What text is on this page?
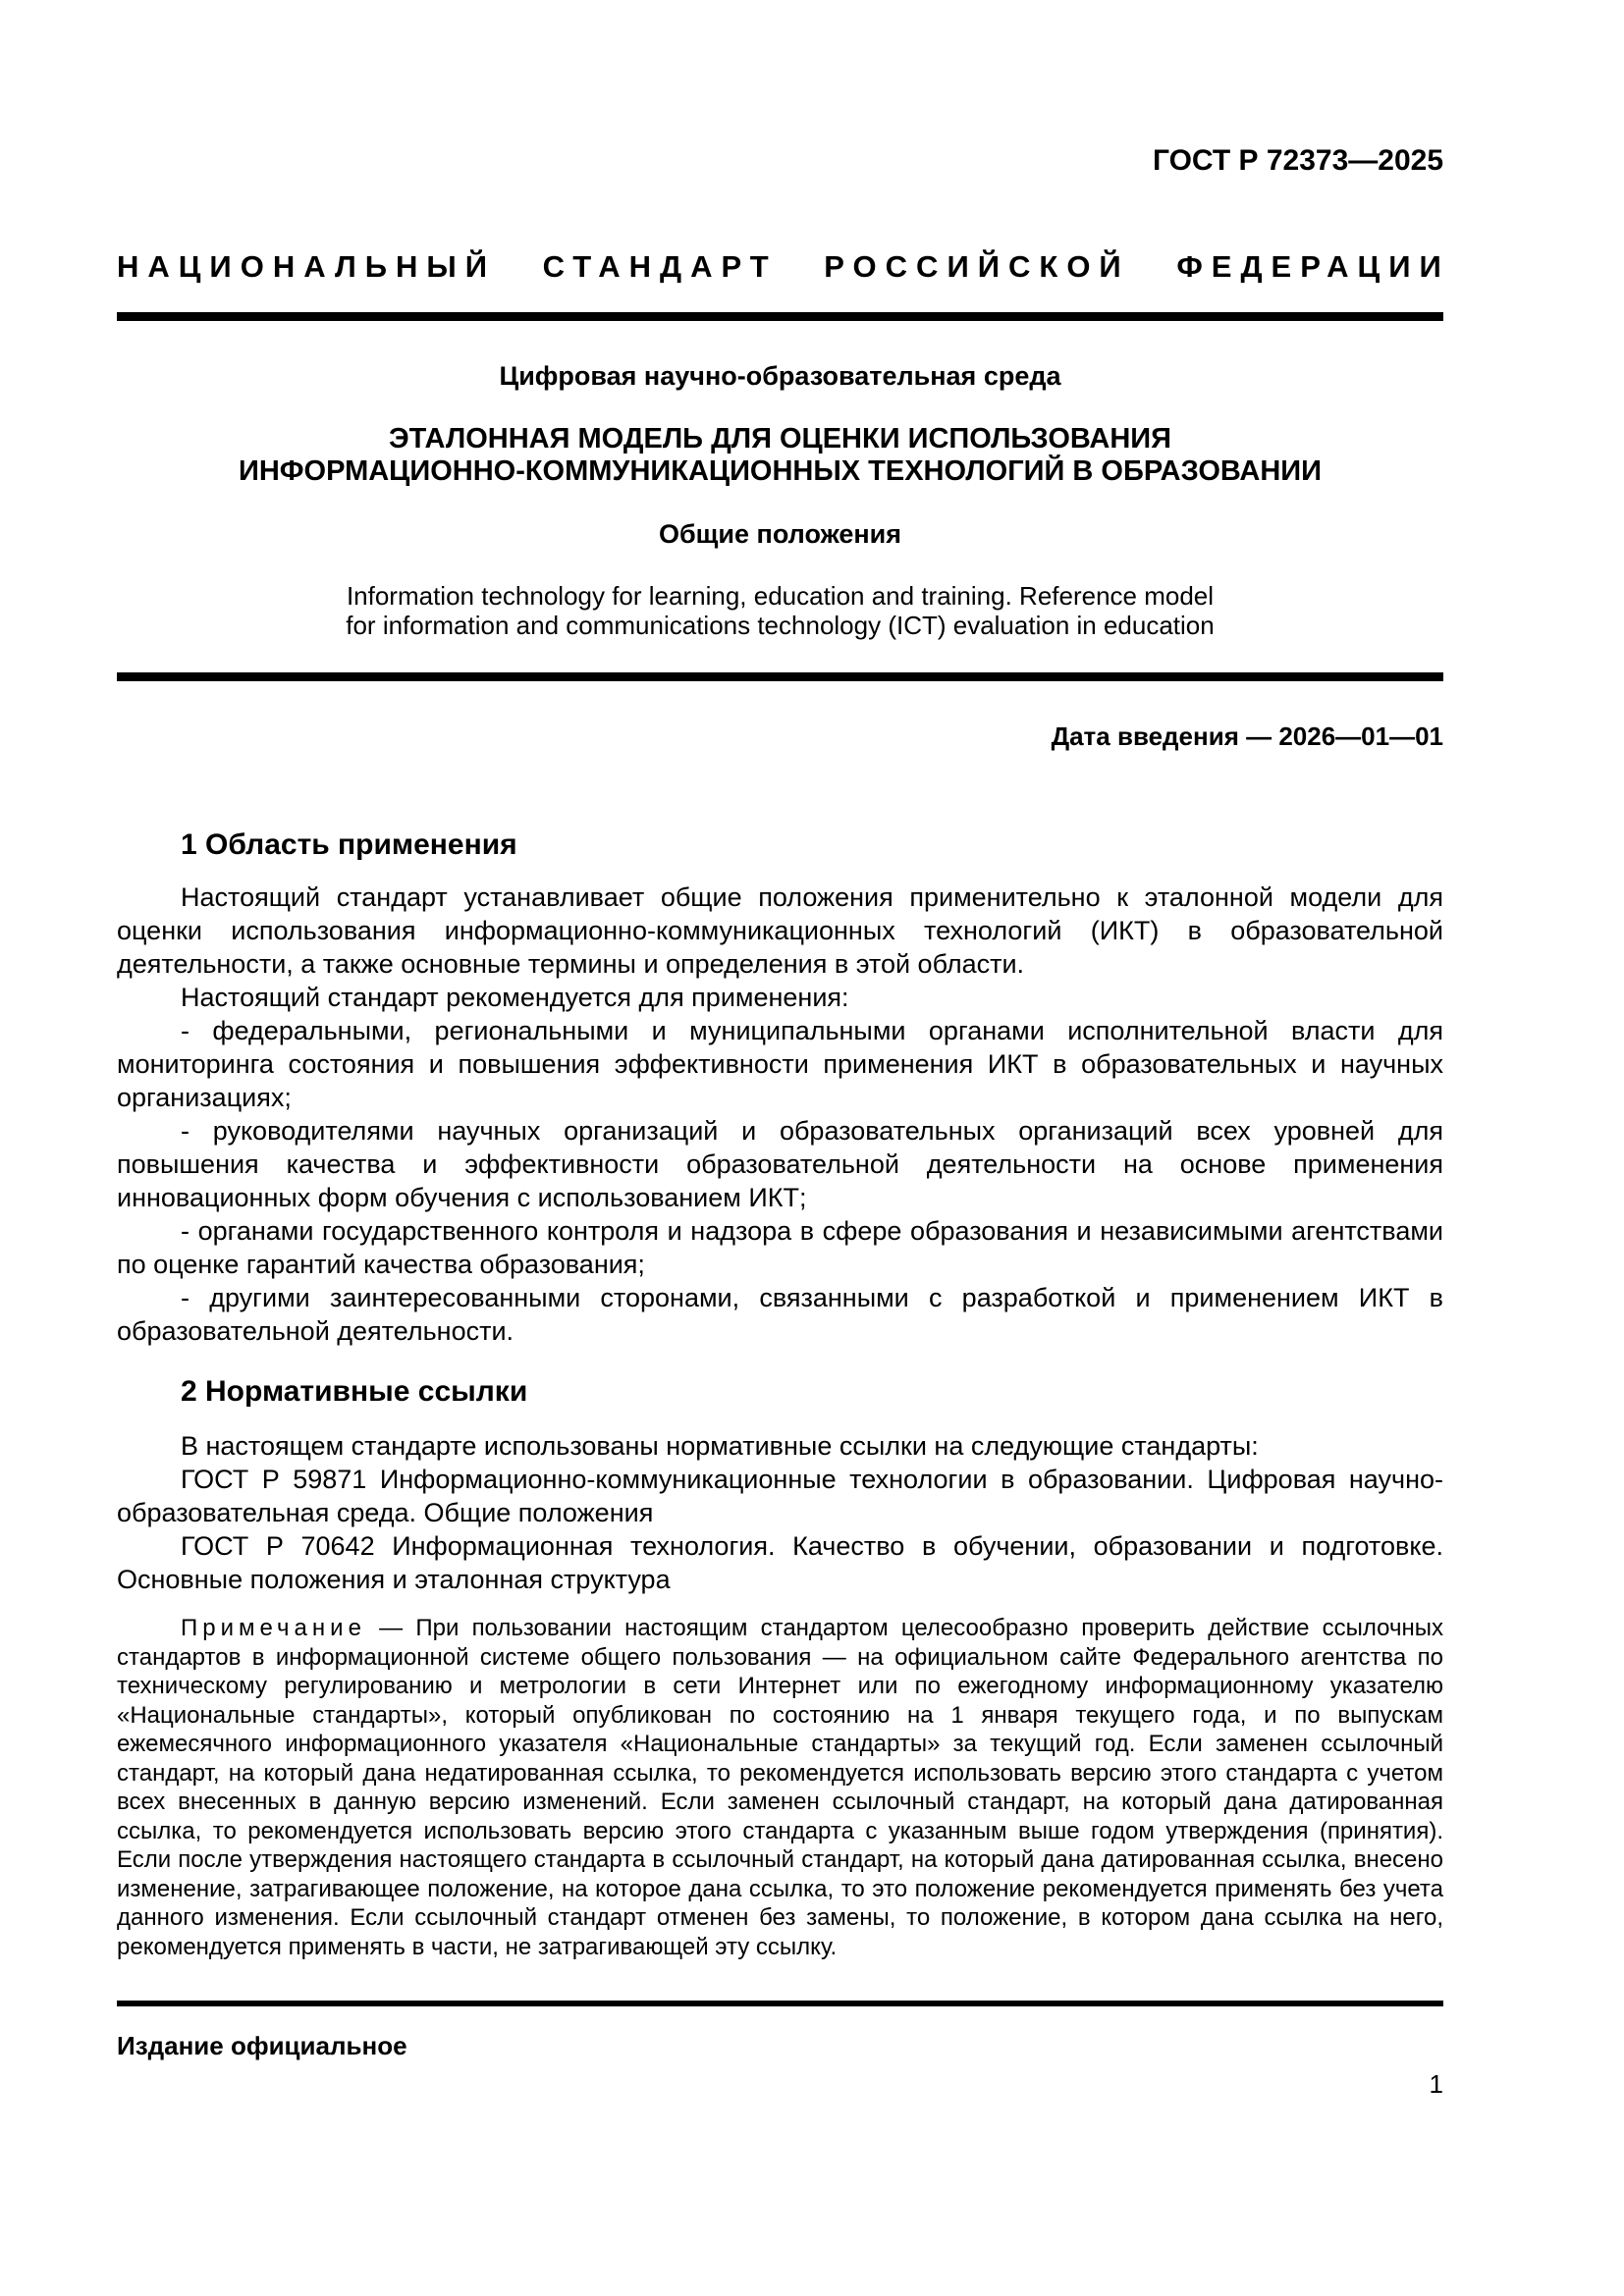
ГОСТ Р 72373—2025
НАЦИОНАЛЬНЫЙ СТАНДАРТ РОССИЙСКОЙ ФЕДЕРАЦИИ
Цифровая научно-образовательная среда
ЭТАЛОННАЯ МОДЕЛЬ ДЛЯ ОЦЕНКИ ИСПОЛЬЗОВАНИЯ
ИНФОРМАЦИОННО-КОММУНИКАЦИОННЫХ ТЕХНОЛОГИЙ В ОБРАЗОВАНИИ
Общие положения
Information technology for learning, education and training. Reference model
for information and communications technology (ICT) evaluation in education
Дата введения — 2026—01—01
1 Область применения

Настоящий стандарт устанавливает общие положения применительно к эталонной модели для оценки использования информационно-коммуникационных технологий (ИКТ) в образовательной деятельности, а также основные термины и определения в этой области.

Настоящий стандарт рекомендуется для применения:

- федеральными, региональными и муниципальными органами исполнительной власти для мониторинга состояния и повышения эффективности применения ИКТ в образовательных и научных организациях;

- руководителями научных организаций и образовательных организаций всех уровней для повышения качества и эффективности образовательной деятельности на основе применения инновационных форм обучения с использованием ИКТ;

- органами государственного контроля и надзора в сфере образования и независимыми агентствами по оценке гарантий качества образования;

- другими заинтересованными сторонами, связанными с разработкой и применением ИКТ в образовательной деятельности.

2 Нормативные ссылки

В настоящем стандарте использованы нормативные ссылки на следующие стандарты:

ГОСТ Р 59871 Информационно-коммуникационные технологии в образовании. Цифровая научно-образовательная среда. Общие положения

ГОСТ Р 70642 Информационная технология. Качество в обучении, образовании и подготовке. Основные положения и эталонная структура

Примечание — При пользовании настоящим стандартом целесообразно проверить действие ссылочных стандартов в информационной системе общего пользования — на официальном сайте Федерального агентства по техническому регулированию и метрологии в сети Интернет или по ежегодному информационному указателю «Национальные стандарты», который опубликован по состоянию на 1 января текущего года, и по выпускам ежемесячного информационного указателя «Национальные стандарты» за текущий год. Если заменен ссылочный стандарт, на который дана недатированная ссылка, то рекомендуется использовать версию этого стандарта с учетом всех внесенных в данную версию изменений. Если заменен ссылочный стандарт, на который дана датированная ссылка, то рекомендуется использовать версию этого стандарта с указанным выше годом утверждения (принятия). Если после утверждения настоящего стандарта в ссылочный стандарт, на который дана датированная ссылка, внесено изменение, затрагивающее положение, на которое дана ссылка, то это положение рекомендуется применять без учета данного изменения. Если ссылочный стандарт отменен без замены, то положение, в котором дана ссылка на него, рекомендуется применять в части, не затрагивающей эту ссылку.

Издание официальное
1
